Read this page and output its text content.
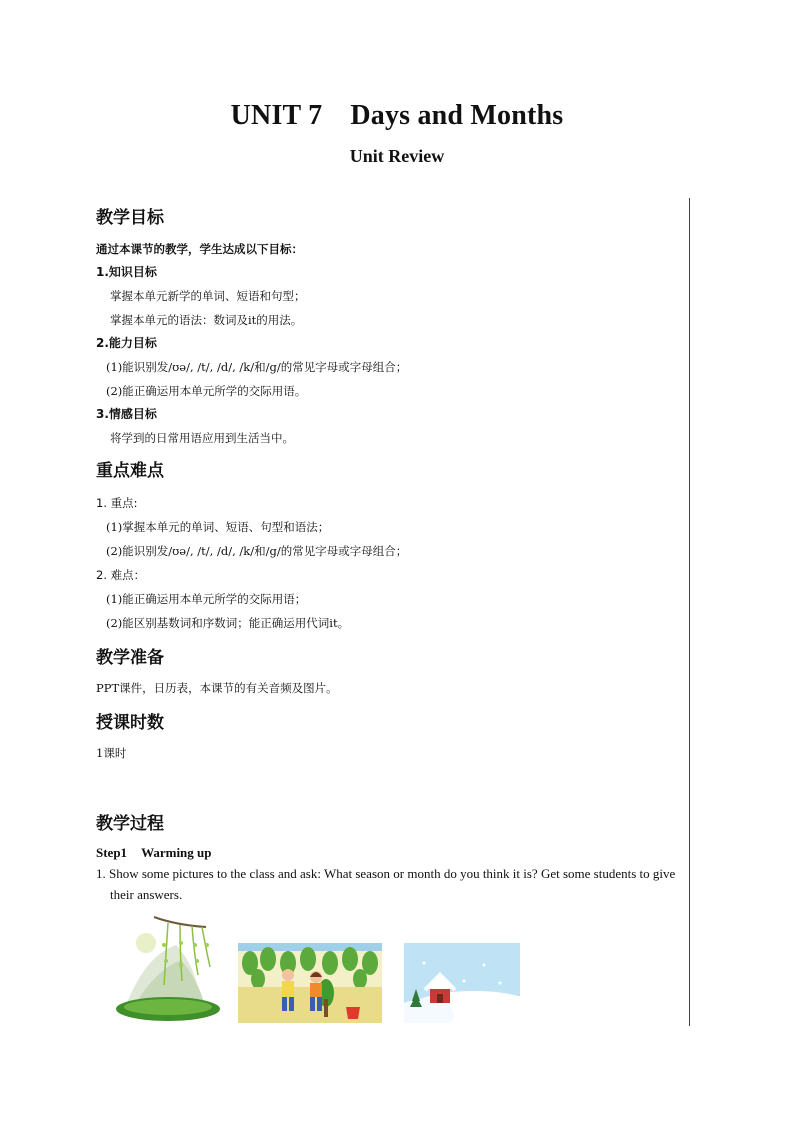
UNIT 7 Days and Months
Unit Review
教学目标
通过本课节的教学，学生达成以下目标：
1.知识目标
掌握本单元新学的单词、短语和句型；
掌握本单元的语法：数词及it的用法。
2.能力目标
(1)能识别发/ʊə/, /t/, /d/, /k/和/g/的常见字母或字母组合；
(2)能正确运用本单元所学的交际用语。
3.情感目标
将学到的日常用语应用到生活当中。
重点难点
1. 重点:
(1)掌握本单元的单词、短语、句型和语法；
(2)能识别发/ʊə/, /t/, /d/, /k/和/g/的常见字母或字母组合；
2. 难点：
(1)能正确运用本单元所学的交际用语；
(2)能区别基数词和序数词；能正确运用代词it。
教学准备
PPT课件，日历表，本课节的有关音频及图片。
授课时数
1课时
教学过程
Step1 Warming up
1. Show some pictures to the class and ask: What season or month do you think it is? Get some students to give their answers.
